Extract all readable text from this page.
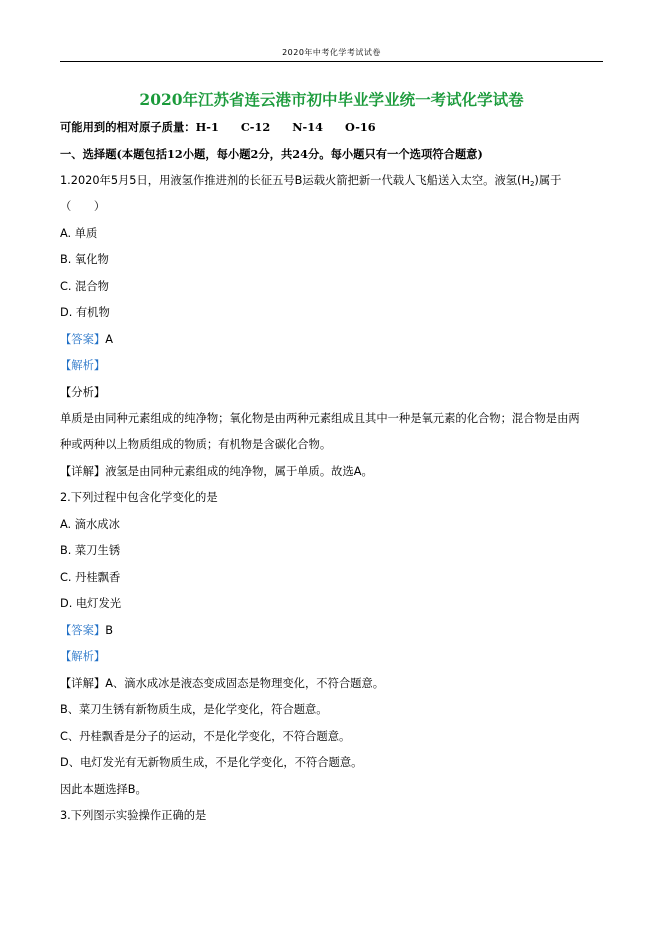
2020年中考化学考试试卷
2020年江苏省连云港市初中毕业学业统一考试化学试卷
可能用到的相对原子质量：H-1 C-12 N-14 O-16
一、选择题(本题包括12小题，每小题2分，共24分。每小题只有一个选项符合题意)
1.2020年5月5日，用液氢作推进剂的长征五号B运载火箭把新一代载人飞船送入太空。液氢$(H_2)$属于
（　　）
A. 单质
B. 氧化物
C. 混合物
D. 有机物
【答案】A
【解析】
【分析】
单质是由同种元素组成的纯净物；氧化物是由两种元素组成且其中一种是氧元素的化合物；混合物是由两
种或两种以上物质组成的物质；有机物是含碳化合物。
【详解】液氢是由同种元素组成的纯净物，属于单质。故选A。
2.下列过程中包含化学变化的是
A. 滴水成冰
B. 菜刀生锈
C. 丹桂飘香
D. 电灯发光
【答案】B
【解析】
【详解】A、滴水成冰是液态变成固态是物理变化，不符合题意。
B、菜刀生锈有新物质生成，是化学变化，符合题意。
C、丹桂飘香是分子的运动，不是化学变化，不符合题意。
D、电灯发光有无新物质生成，不是化学变化，不符合题意。
因此本题选择B。
3.下列图示实验操作正确的是
